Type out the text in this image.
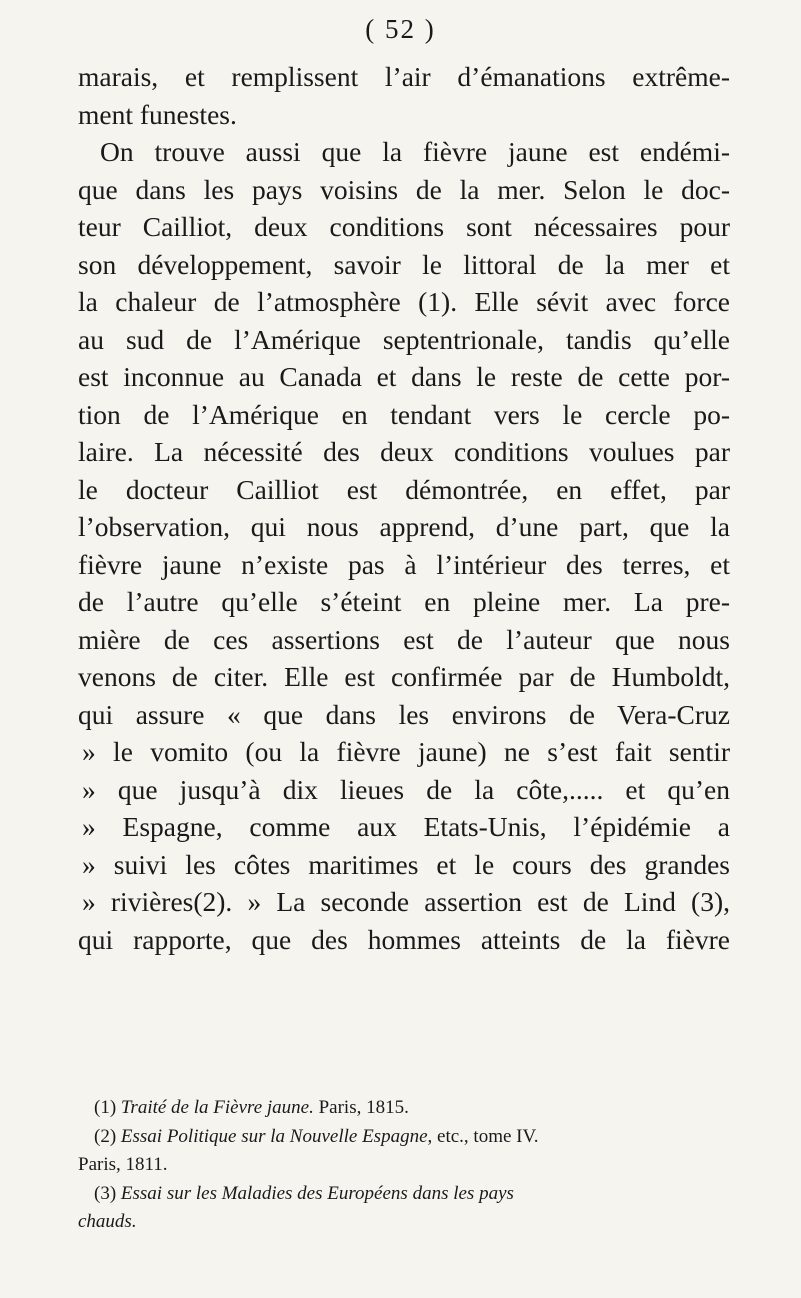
( 52 )
marais, et remplissent l’air d’émanations extrême-
ment funestes.
On trouve aussi que la fièvre jaune est endémi-
que dans les pays voisins de la mer. Selon le doc-
teur Cailliot, deux conditions sont nécessaires pour
son développement, savoir le littoral de la mer et
la chaleur de l’atmosphère (1). Elle sévit avec force
au sud de l’Amérique septentrionale, tandis qu’elle
est inconnue au Canada et dans le reste de cette por-
tion de l’Amérique en tendant vers le cercle po-
laire. La nécessité des deux conditions voulues par
le docteur Cailliot est démontrée, en effet, par
l’observation, qui nous apprend, d’une part, que la
fièvre jaune n’existe pas à l’intérieur des terres, et
de l’autre qu’elle s’éteint en pleine mer. La pre-
mière de ces assertions est de l’auteur que nous
venons de citer. Elle est confirmée par de Humboldt,
qui assure « que dans les environs de Vera-Cruz
» le vomito (ou la fièvre jaune) ne s’est fait sentir
» que jusqu’à dix lieues de la côte,..... et qu’en
» Espagne, comme aux Etats-Unis, l’épidémie a
» suivi les côtes maritimes et le cours des grandes
» rivières(2). » La seconde assertion est de Lind (3),
qui rapporte, que des hommes atteints de la fièvre
(1) Traité de la Fièvre jaune. Paris, 1815.
(2) Essai Politique sur la Nouvelle Espagne, etc., tome IV.
Paris, 1811.
(3) Essai sur les Maladies des Européens dans les pays
chauds.
